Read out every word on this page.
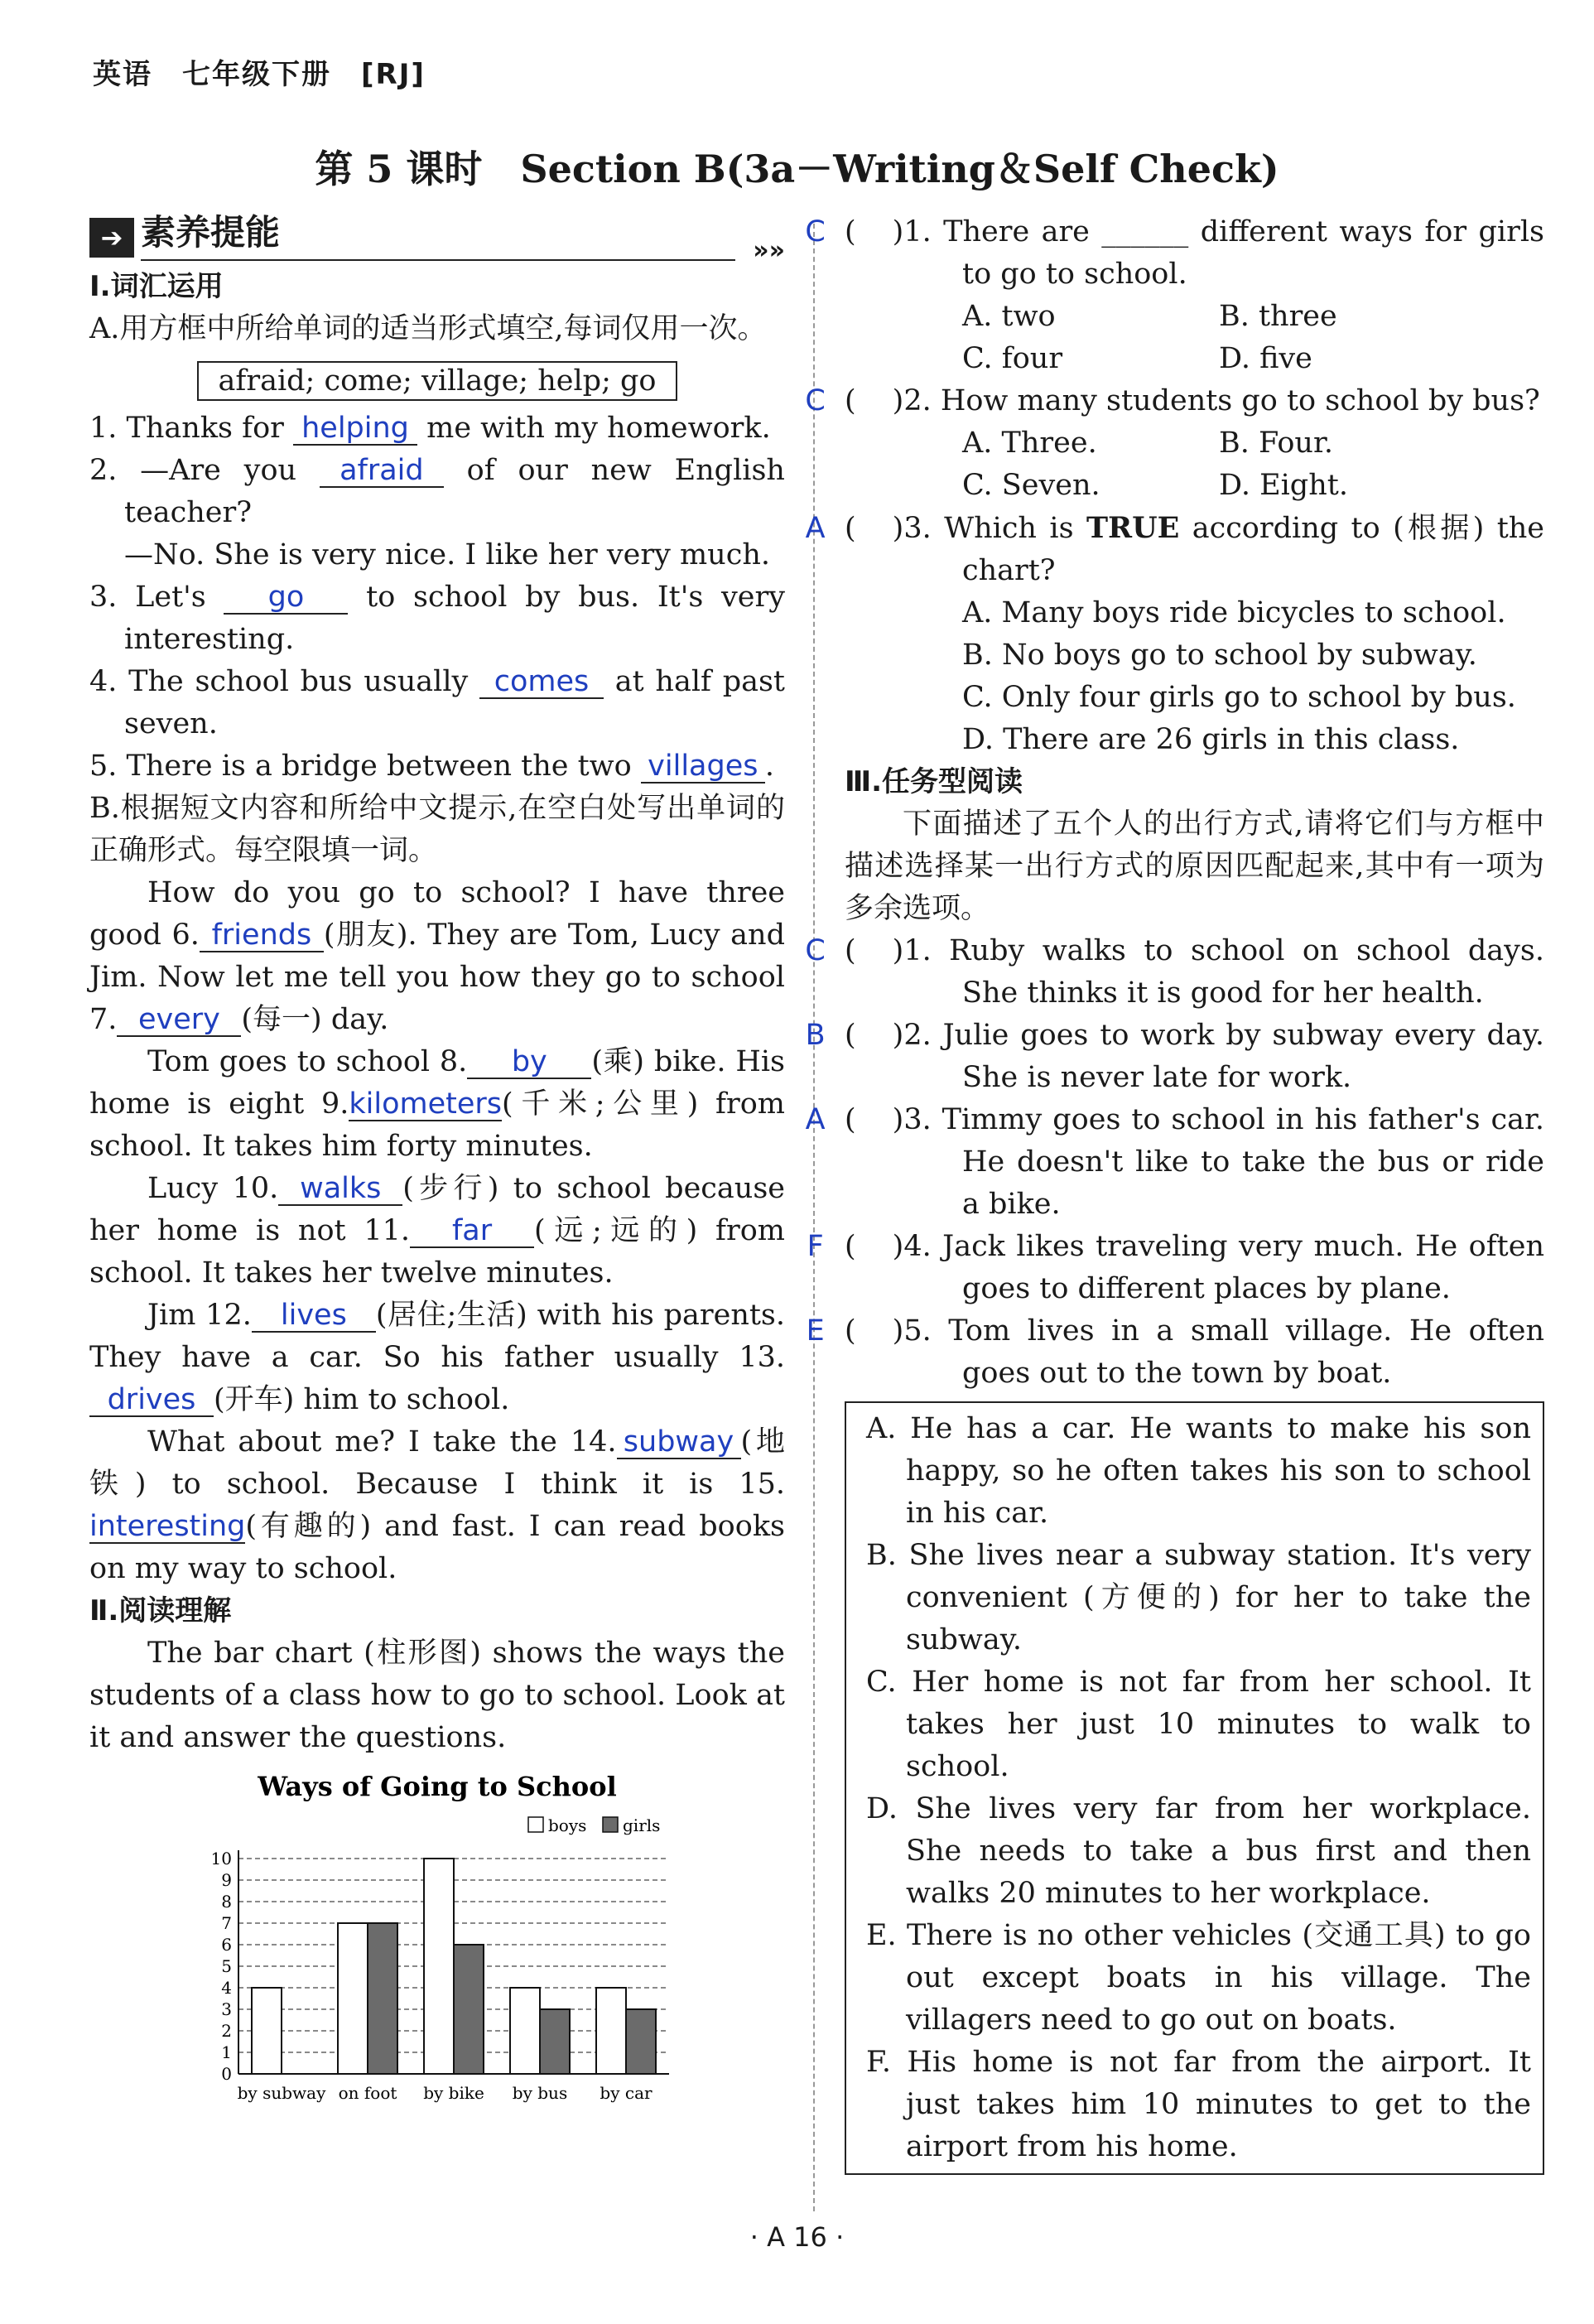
英语　七年级下册　[RJ]
第 5 课时　Section B(3a－Writing＆Self Check)
➔ 素养提能	»»
Ⅰ.词汇运用

A.用方框中所给单词的适当形式填空,每词仅用一次。

afraid; come; village; help; go

1. Thanks for helping me with my homework.

2. —Are you afraid of our new English teacher?

—No. She is very nice. I like her very much.

3. Let's go to school by bus. It's very interesting.

4. The school bus usually comes at half past seven.

5. There is a bridge between the two villages .

B.根据短文内容和所给中文提示,在空白处写出单词的正确形式。每空限填一词。

How do you go to school? I have three good 6. friends (朋友). They are Tom, Lucy and Jim. Now let me tell you how they go to school 7. every (每一) day.

Tom goes to school 8. by (乘) bike. His home is eight 9.kilometers(千米;公里) from school. It takes him forty minutes.

Lucy 10. walks (步行) to school because her home is not 11. far (远;远的) from school. It takes her twelve minutes.

Jim 12. lives (居住;生活) with his parents. They have a car. So his father usually 13.drives (开车) him to school.

What about me? I take the 14. subway (地铁) to school. Because I think it is 15.interesting(有趣的) and fast. I can read books on my way to school.

Ⅱ.阅读理解

The bar chart (柱形图) shows the ways the students of a class how to go to school. Look at it and answer the questions.

Ways of Going to School
0
1
2
3
4
5
6
7
8
9
10
by subway on foot by bike by bus by car
boys girls

(C )1. There are ______ different ways for girls to go to school.

A. two	B. three
C. four	D. five

(C )2. How many students go to school by bus?

A. Three.	B. Four.
C. Seven.	D. Eight.

(A )3. Which is TRUE according to (根据) the chart?

A. Many boys ride bicycles to school.
B. No boys go to school by subway.
C. Only four girls go to school by bus.
D. There are 26 girls in this class.
Ⅲ.任务型阅读

下面描述了五个人的出行方式,请将它们与方框中描述选择某一出行方式的原因匹配起来,其中有一项为多余选项。

(C )1. Ruby walks to school on school days. She thinks it is good for her health.

(B )2. Julie goes to work by subway every day. She is never late for work.

(A )3. Timmy goes to school in his father's car. He doesn't like to take the bus or ride a bike.

(F )4. Jack likes traveling very much. He often goes to different places by plane.

(E )5. Tom lives in a small village. He often goes out to the town by boat.

A. He has a car. He wants to make his son happy, so he often takes his son to school in his car.

B. She lives near a subway station. It's very convenient (方便的) for her to take the subway.

C. Her home is not far from her school. It takes her just 10 minutes to walk to school.

D. She lives very far from her workplace. She needs to take a bus first and then walks 20 minutes to her workplace.

E. There is no other vehicles (交通工具) to go out except boats in his village. The villagers need to go out on boats.

F. His home is not far from the airport. It just takes him 10 minutes to get to the airport from his home.

· A 16 ·
